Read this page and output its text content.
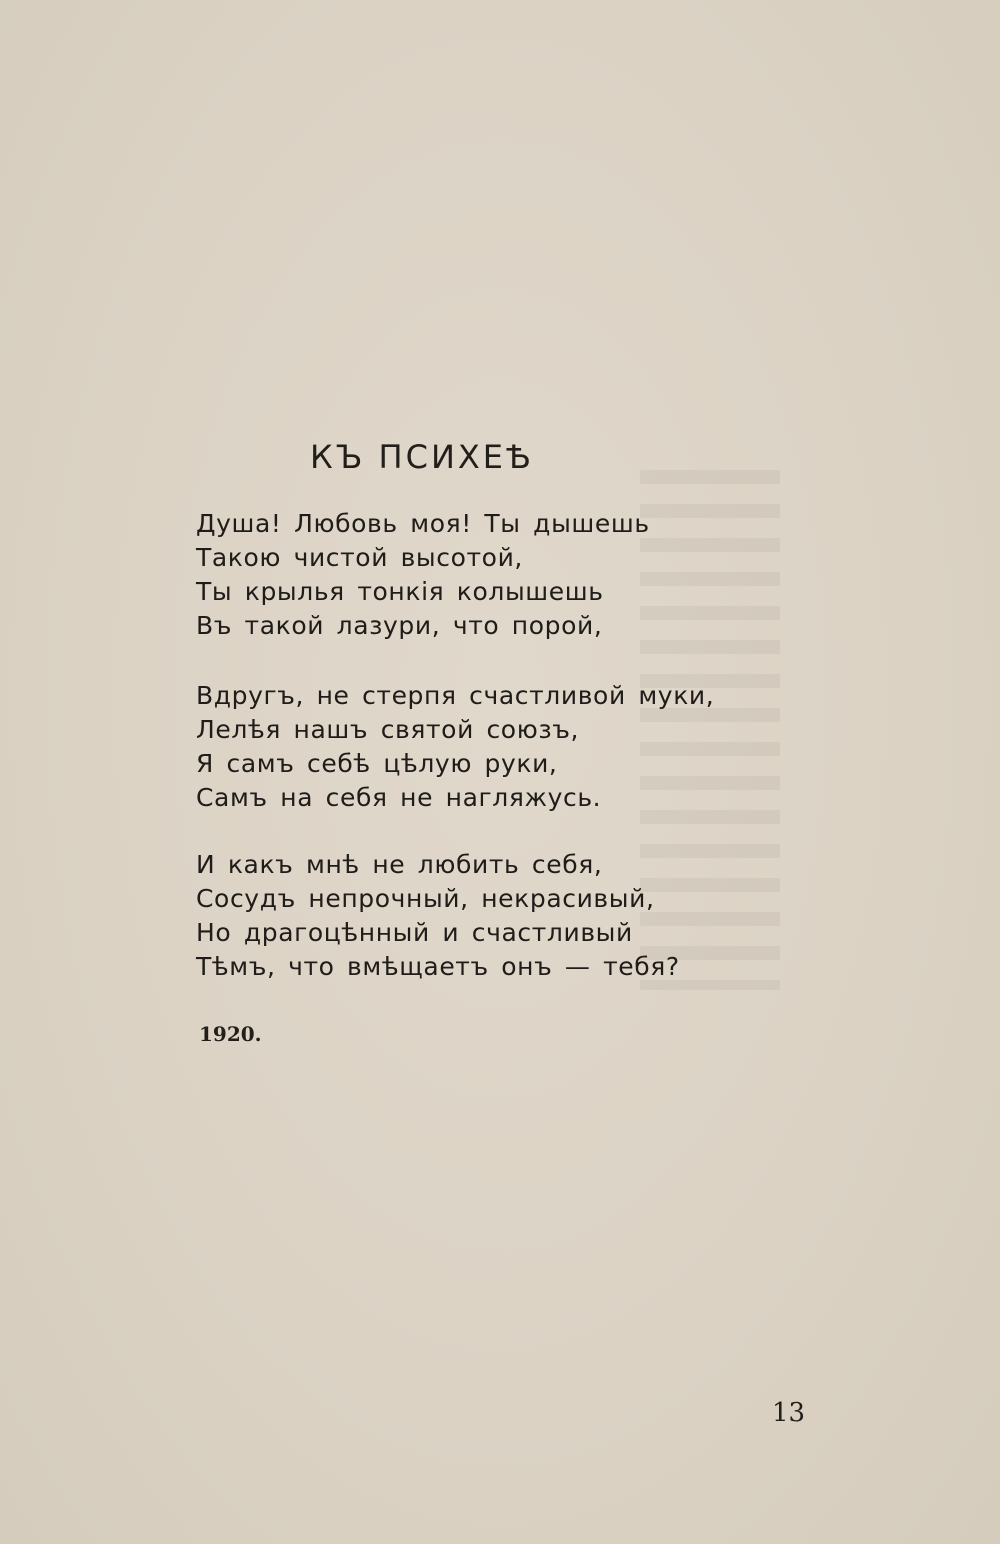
КЪ ПСИХЕѢ
Душа! Любовь моя! Ты дышешь
Такою чистой высотой,
Ты крылья тонкія колышешь
Въ такой лазури, что порой,
Вдругъ, не стерпя счастливой муки,
Лелѣя нашъ святой союзъ,
Я самъ себѣ цѣлую руки,
Самъ на себя не нагляжусь.
И какъ мнѣ не любить себя,
Сосудъ непрочный, некрасивый,
Но драгоцѣнный и счастливый
Тѣмъ, что вмѣщаетъ онъ — тебя?
1920.
13
